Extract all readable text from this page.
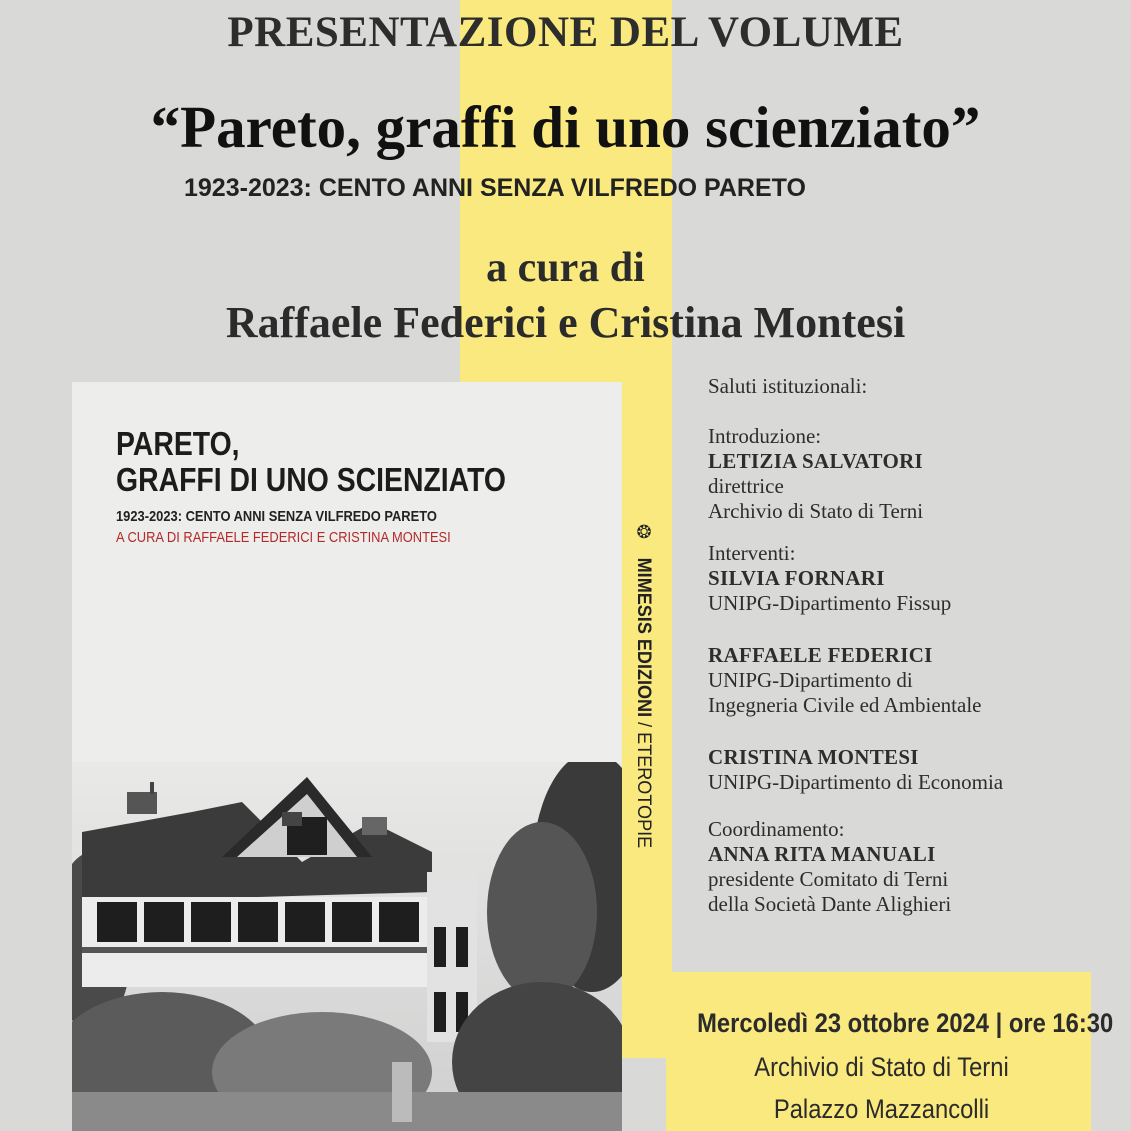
PRESENTAZIONE DEL VOLUME
“Pareto, graffi di uno scienziato”
1923-2023: CENTO ANNI SENZA VILFREDO PARETO
a cura di
Raffaele Federici e Cristina Montesi
PARETO,
GRAFFI DI UNO SCIENZIATO
1923-2023: CENTO ANNI SENZA VILFREDO PARETO
A CURA DI RAFFAELE FEDERICI E CRISTINA MONTESI	❂
MIMESIS EDIZIONI / ETEROTOPIE

Saluti istituzionali:

Introduzione:

LETIZIA SALVATORI

direttrice

Archivio di Stato di Terni

Interventi:

SILVIA FORNARI

UNIPG-Dipartimento Fissup

RAFFAELE FEDERICI

UNIPG-Dipartimento di

Ingegneria Civile ed Ambientale

CRISTINA MONTESI

UNIPG-Dipartimento di Economia

Coordinamento:

ANNA RITA MANUALI

presidente Comitato di Terni

della Società Dante Alighieri

Mercoledì 23 ottobre 2024 | ore 16:30
Archivio di Stato di Terni
Palazzo Mazzancolli
